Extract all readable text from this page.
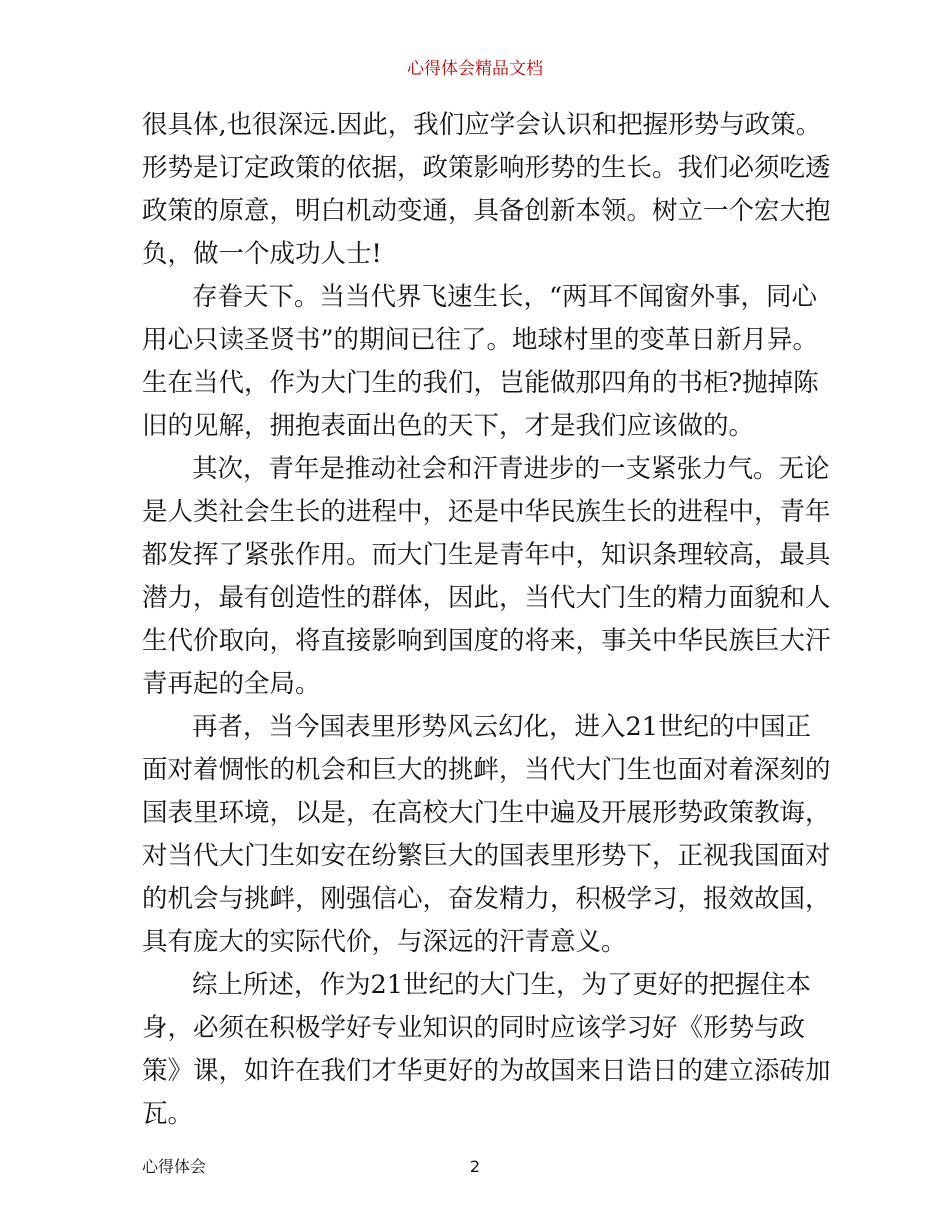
心得体会精品文档
很具体,也很深远.因此，我们应学会认识和把握形势与政策。
形势是订定政策的依据，政策影响形势的生长。我们必须吃透
政策的原意，明白机动变通，具备创新本领。树立一个宏大抱
负，做一个成功人士!
存眷天下。当当代界飞速生长，“两耳不闻窗外事，同心
用心只读圣贤书”的期间已往了。地球村里的变革日新月异。
生在当代，作为大门生的我们，岂能做那四角的书柜?抛掉陈
旧的见解，拥抱表面出色的天下，才是我们应该做的。
其次，青年是推动社会和汗青进步的一支紧张力气。无论
是人类社会生长的进程中，还是中华民族生长的进程中，青年
都发挥了紧张作用。而大门生是青年中，知识条理较高，最具
潜力，最有创造性的群体，因此，当代大门生的精力面貌和人
生代价取向，将直接影响到国度的将来，事关中华民族巨大汗
青再起的全局。
再者，当今国表里形势风云幻化，进入21世纪的中国正
面对着惆怅的机会和巨大的挑衅，当代大门生也面对着深刻的
国表里环境，以是，在高校大门生中遍及开展形势政策教诲，
对当代大门生如安在纷繁巨大的国表里形势下，正视我国面对
的机会与挑衅，刚强信心，奋发精力，积极学习，报效故国，
具有庞大的实际代价，与深远的汗青意义。
综上所述，作为21世纪的大门生，为了更好的把握住本
身，必须在积极学好专业知识的同时应该学习好《形势与政
策》课，如许在我们才华更好的为故国来日诰日的建立添砖加
瓦。
心得体会	2
